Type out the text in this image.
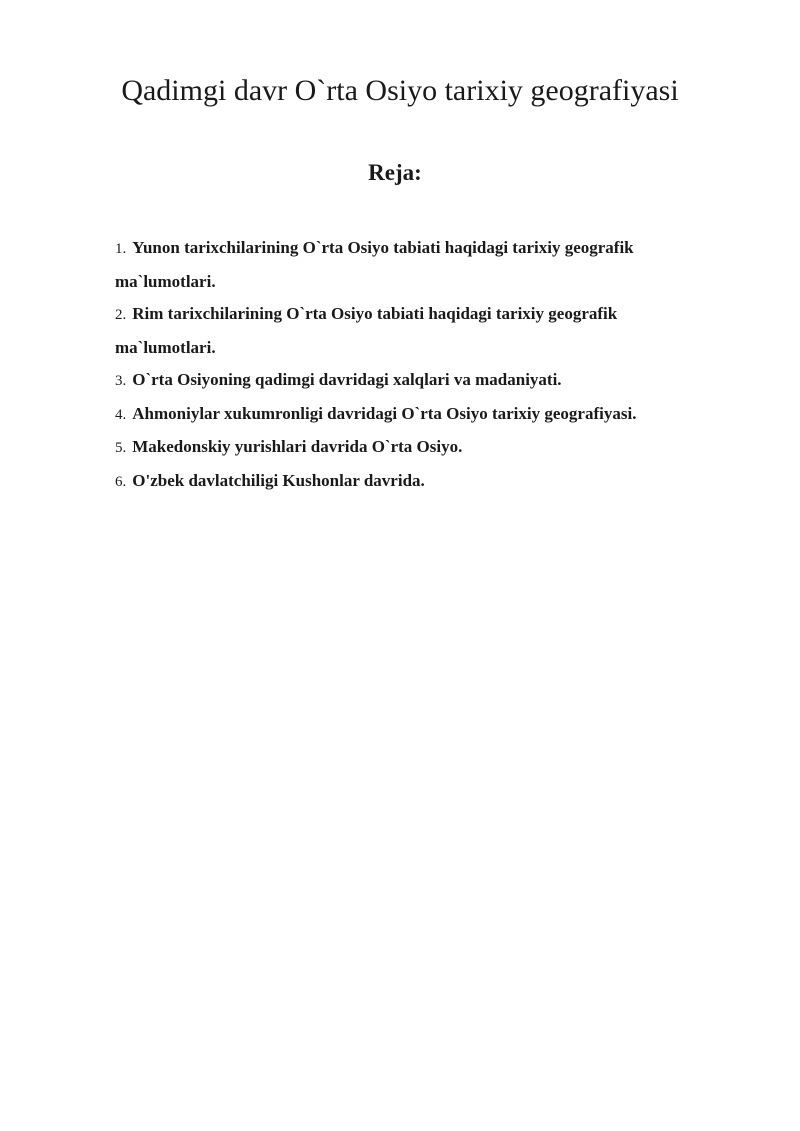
Qadimgi davr O`rta Osiyo tarixiy geografiyasi
Reja:
1. Yunon tarixchilarining O`rta Osiyo tabiati haqidagi tarixiy geografik ma`lumotlari.
2. Rim tarixchilarining O`rta Osiyo tabiati haqidagi tarixiy geografik ma`lumotlari.
3. O`rta Osiyoning qadimgi davridagi xalqlari va madaniyati.
4. Ahmoniylar xukumronligi davridagi O`rta Osiyo tarixiy geografiyasi.
5. Makedonskiy yurishlari davrida O`rta Osiyo.
6. O'zbek davlatchiligi Kushonlar davrida.
